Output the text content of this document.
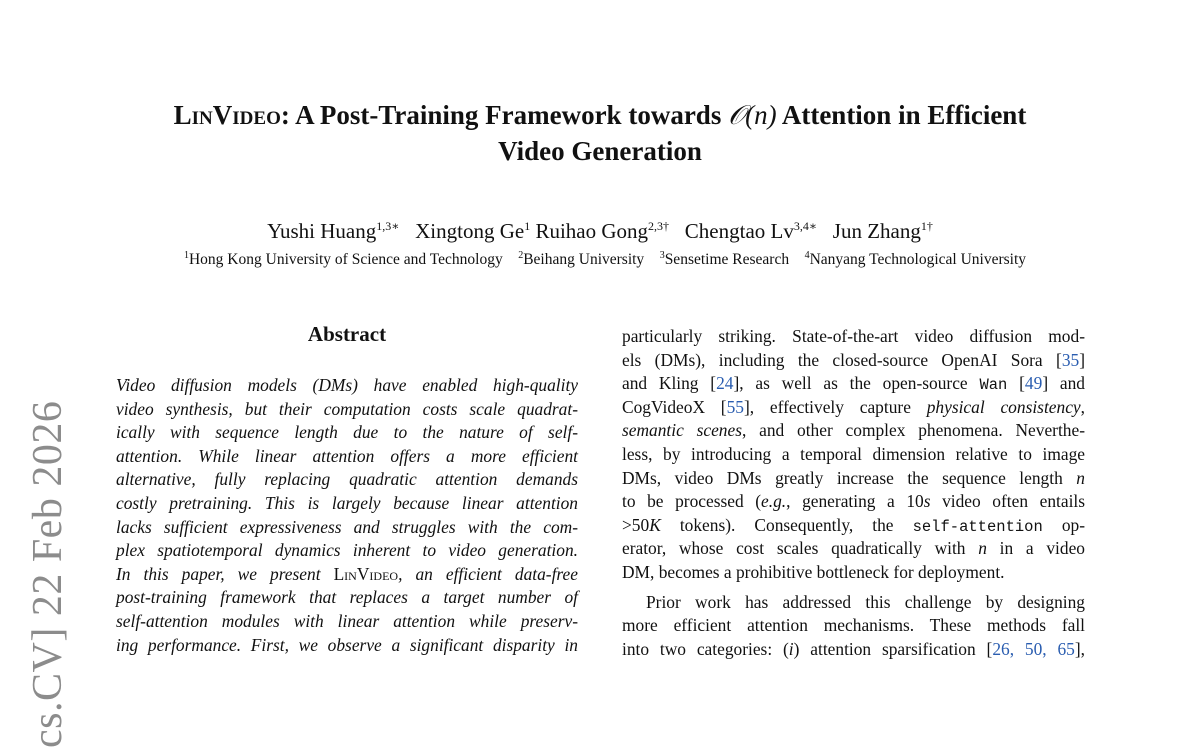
cs.CV] 22 Feb 2026
LinVideo: A Post-Training Framework towards 𝒪(n) Attention in Efficient
Video Generation
Yushi Huang$^{1,3∗}$ Xingtong Ge$^1$ Ruihao Gong$^{2,3\dagger}$ Chengtao $Lv^{3,4∗}$ Jun Zhang$^{1\dagger}$
$^1$Hong Kong University of Science and Technology $^2$Beihang University $^3$Sensetime Research $^4$Nanyang Technological University
Abstract
Video diffusion models (DMs) have enabled high-quality
video synthesis, but their computation costs scale quadrat-
ically with sequence length due to the nature of self-
attention. While linear attention offers a more efficient
alternative, fully replacing quadratic attention demands
costly pretraining. This is largely because linear attention
lacks sufficient expressiveness and struggles with the com-
plex spatiotemporal dynamics inherent to video generation.
In this paper, we present LinVideo, an efficient data-free
post-training framework that replaces a target number of
self-attention modules with linear attention while preserv-
ing performance. First, we observe a significant disparity in
particularly striking. State-of-the-art video diffusion mod-
els (DMs), including the closed-source OpenAI Sora [35]
and Kling [24], as well as the open-source Wan [49] and
CogVideoX [55], effectively capture physical consistency,
semantic scenes, and other complex phenomena. Neverthe-
less, by introducing a temporal dimension relative to image
DMs, video DMs greatly increase the sequence length n
to be processed (e.g., generating a 10s video often entails
>50K tokens). Consequently, the self-attention op-
erator, whose cost scales quadratically with n in a video
DM, becomes a prohibitive bottleneck for deployment.
Prior work has addressed this challenge by designing
more efficient attention mechanisms. These methods fall
into two categories: (i) attention sparsification [26, 50, 65],
